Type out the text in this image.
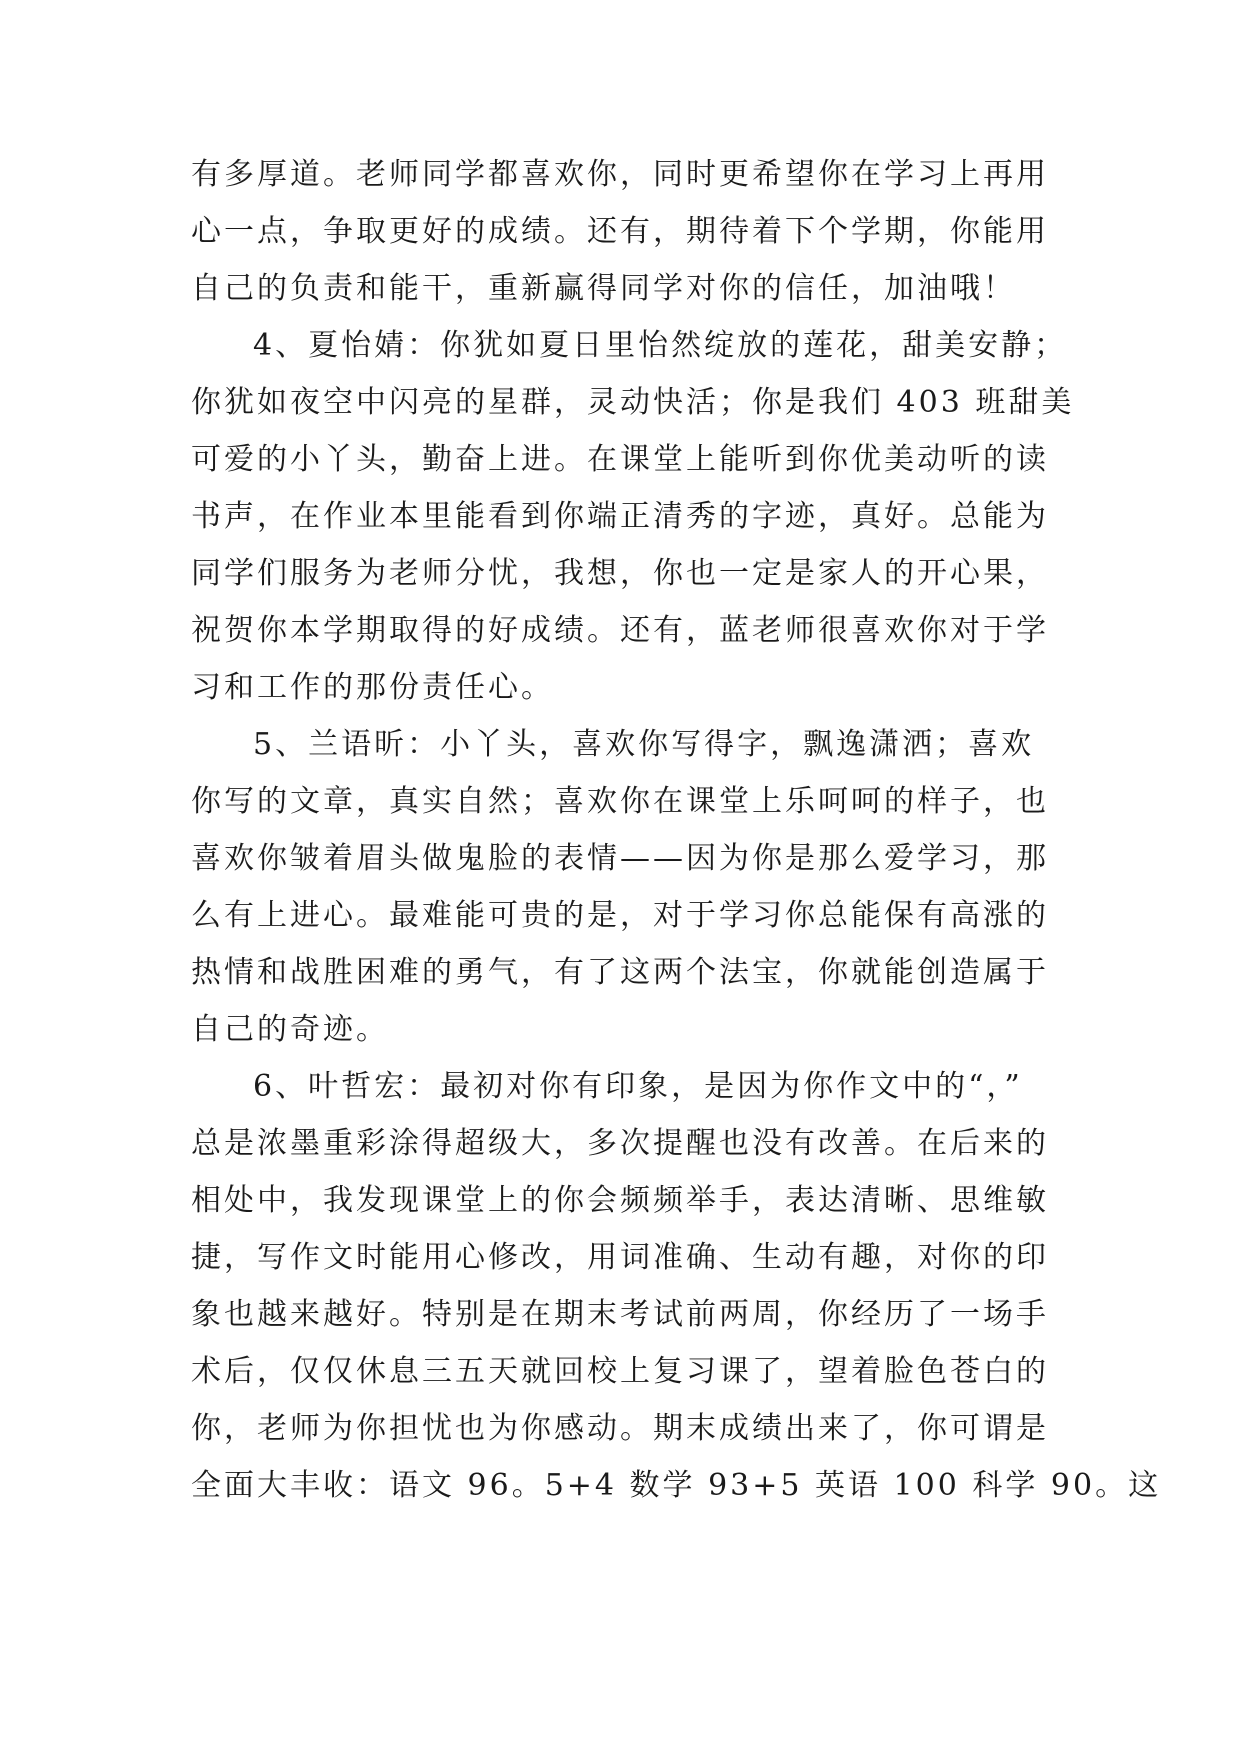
有多厚道。老师同学都喜欢你，同时更希望你在学习上再用
心一点，争取更好的成绩。还有，期待着下个学期，你能用
自己的负责和能干，重新赢得同学对你的信任，加油哦！
4、夏怡婧：你犹如夏日里怡然绽放的莲花，甜美安静；
你犹如夜空中闪亮的星群，灵动快活；你是我们 403 班甜美
可爱的小丫头，勤奋上进。在课堂上能听到你优美动听的读
书声，在作业本里能看到你端正清秀的字迹，真好。总能为
同学们服务为老师分忧，我想，你也一定是家人的开心果，
祝贺你本学期取得的好成绩。还有，蓝老师很喜欢你对于学
习和工作的那份责任心。
5、兰语昕：小丫头，喜欢你写得字，飘逸潇洒；喜欢
你写的文章，真实自然；喜欢你在课堂上乐呵呵的样子，也
喜欢你皱着眉头做鬼脸的表情——因为你是那么爱学习，那
么有上进心。最难能可贵的是，对于学习你总能保有高涨的
热情和战胜困难的勇气，有了这两个法宝，你就能创造属于
自己的奇迹。
6、叶哲宏：最初对你有印象，是因为你作文中的“，”
总是浓墨重彩涂得超级大，多次提醒也没有改善。在后来的
相处中，我发现课堂上的你会频频举手，表达清晰、思维敏
捷，写作文时能用心修改，用词准确、生动有趣，对你的印
象也越来越好。特别是在期末考试前两周，你经历了一场手
术后，仅仅休息三五天就回校上复习课了，望着脸色苍白的
你，老师为你担忧也为你感动。期末成绩出来了，你可谓是
全面大丰收：语文 96。5+4 数学 93+5 英语 100 科学 90。这
